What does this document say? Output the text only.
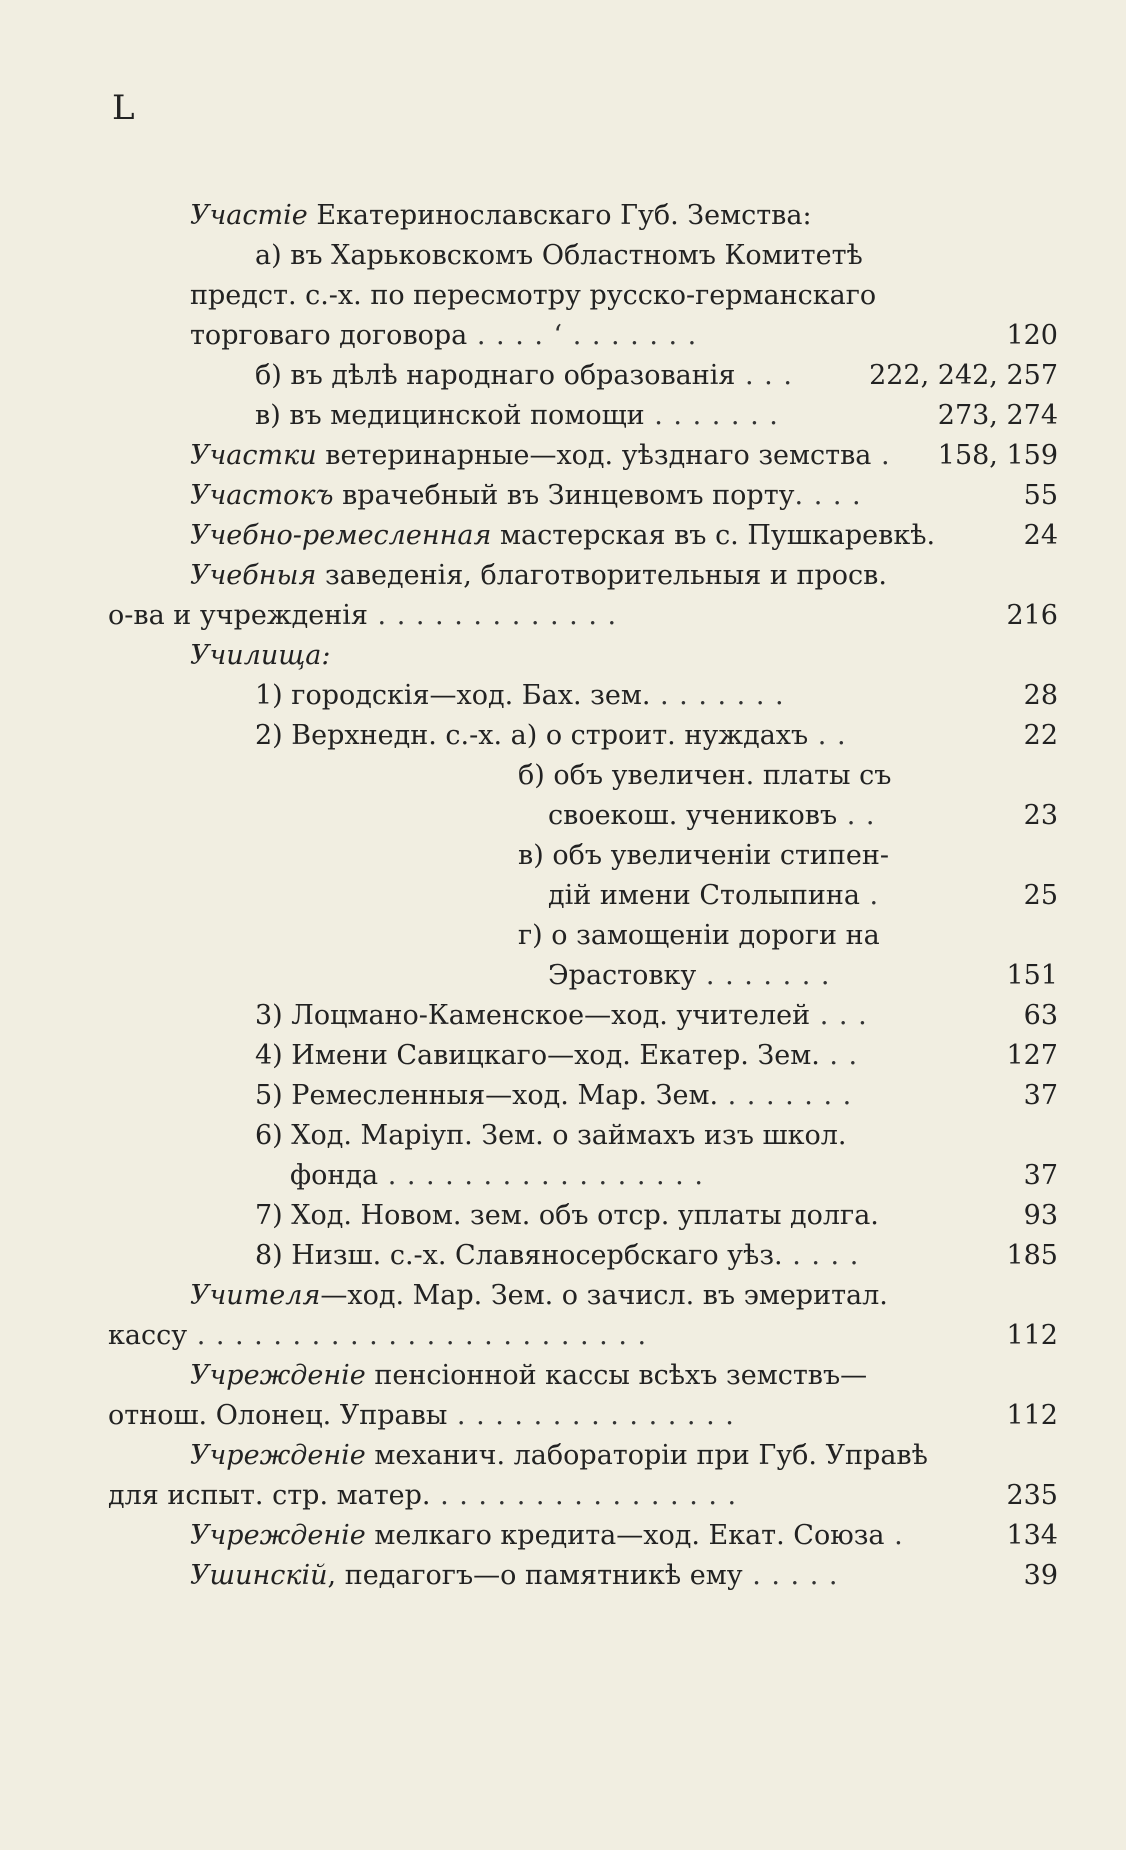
L
Участiе Екатеринославскаго Губ. Земства:
а) въ Харьковскомъ Областномъ Комитетѣ
предст. с.-х. по пересмотру русско-германскаго
торговаго договора . . . . ‘ . . . . . . .	120
б) въ дѣлѣ народнаго образованія . . .	222, 242, 257
в) въ медицинской помощи . . . . . . .	273, 274
Участки ветеринарные—ход. уѣзднаго земства . 158, 159
Участокъ врачебный въ Зинцевомъ порту. . . .	55
Учебно-ремесленная мастерская въ с. Пушкаревкѣ.	24
Учебныя заведенія, благотворительныя и просв.
о-ва и учрежденія . . . . . . . . . . . . .	216
Училища:
1) городскія—ход. Бах. зем. . . . . . . .	28
2) Верхнедн. с.-х. а) о строит. нуждахъ . .	22
б) объ увеличен. платы съ
своекош. учениковъ . .	23
в) объ увеличеніи стипен-
дій имени Столыпина .	25
г) о замощеніи дороги на
Эрастовку . . . . . . .	151
3) Лоцмано-Каменское—ход. учителей . . .	63
4) Имени Савицкаго—ход. Екатер. Зем. . .	127
5) Ремесленныя—ход. Мар. Зем. . . . . . . .	37
6) Ход. Маріуп. Зем. о займахъ изъ школ.
фонда . . . . . . . . . . . . . . . . .	37
7) Ход. Новом. зем. объ отср. уплаты долга.	93
8) Низш. с.-х. Славяносербскаго уѣз. . . . .	185
Учителя—ход. Мар. Зем. о зачисл. въ эмеритал.
кассу . . . . . . . . . . . . . . . . . . . . . . . .	112
Учрежденіе пенсіонной кассы всѣхъ земствъ—
отнош. Олонец. Управы . . . . . . . . . . . . . . .	112
Учрежденіе механич. лабораторіи при Губ. Управѣ
для испыт. стр. матер. . . . . . . . . . . . . . . . .	235
Учрежденіе мелкаго кредита—ход. Екат. Союза .	134
Ушинскій, педагогъ—о памятникѣ ему . . . . .	39
